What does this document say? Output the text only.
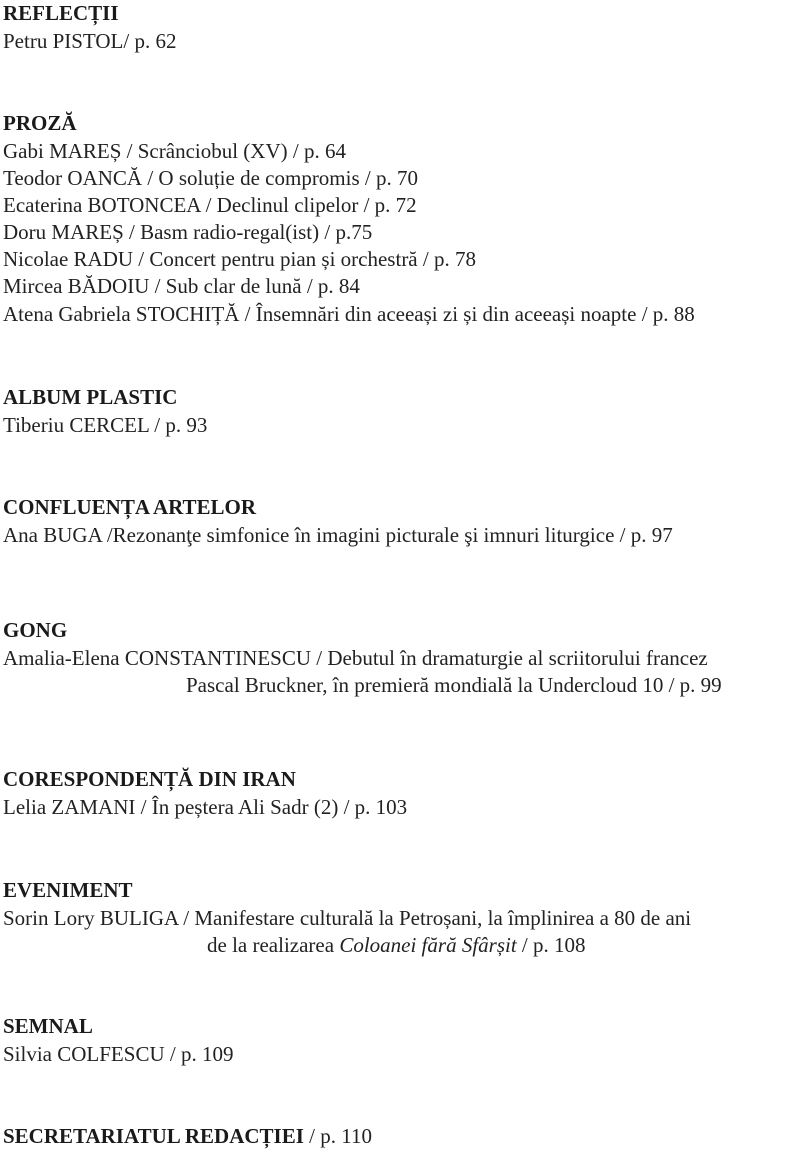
REFLECȚII
Petru PISTOL/ p. 62
PROZĂ
Gabi MAREȘ / Scrânciobul (XV) / p. 64
Teodor OANCĂ / O soluție de compromis / p. 70
Ecaterina BOTONCEA / Declinul clipelor / p. 72
Doru MAREȘ / Basm radio-regal(ist) / p.75
Nicolae RADU / Concert pentru pian și orchestră / p. 78
Mircea BĂDOIU / Sub clar de lună / p. 84
Atena Gabriela STOCHIȚĂ / Însemnări din aceeași zi și din aceeași noapte / p. 88
ALBUM PLASTIC
Tiberiu CERCEL / p. 93
CONFLUENȚA ARTELOR
Ana BUGA /Rezonanţe simfonice în imagini picturale şi imnuri liturgice / p. 97
GONG
Amalia-Elena CONSTANTINESCU / Debutul în dramaturgie al scriitorului francez
Pascal Bruckner, în premieră mondială la Undercloud 10 / p. 99
CORESPONDENȚĂ DIN IRAN
Lelia ZAMANI / În peștera Ali Sadr (2) / p. 103
EVENIMENT
Sorin Lory BULIGA / Manifestare culturală la Petroșani, la împlinirea a 80 de ani
de la realizarea Coloanei fără Sfârșit / p. 108
SEMNAL
Silvia COLFESCU / p. 109
SECRETARIATUL REDACȚIEI / p. 110
